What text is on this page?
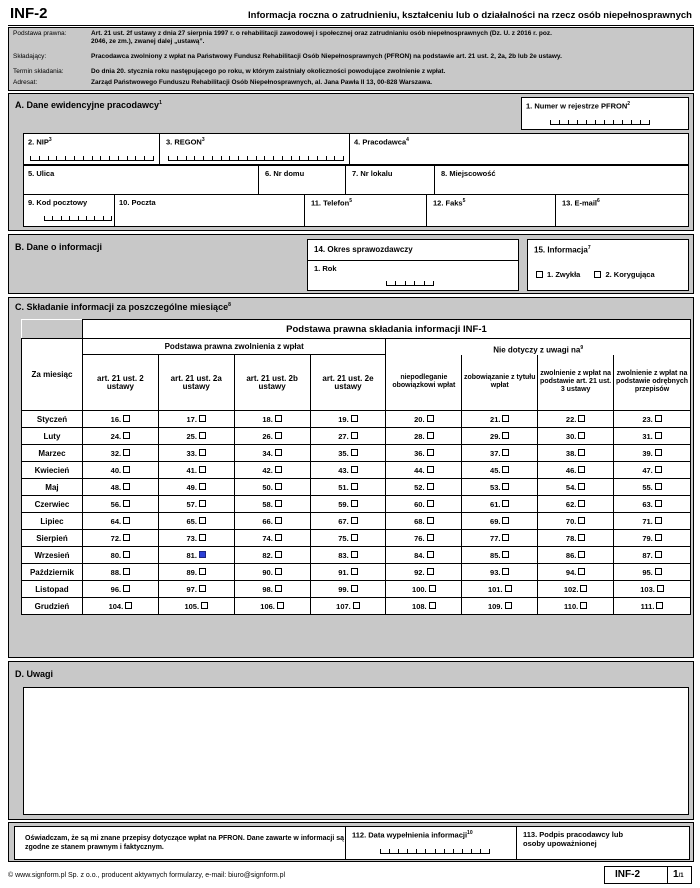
INF-2	Informacja roczna o zatrudnieniu, kształceniu lub o działalności na rzecz osób niepełnosprawnych
Podstawa prawna:	Art. 21 ust. 2f ustawy z dnia 27 sierpnia 1997 r. o rehabilitacji zawodowej i społecznej oraz zatrudnianiu osób niepełnosprawnych (Dz. U. z 2016 r. poz. 2046, ze zm.), zwanej dalej „ustawą”.
Składający:	Pracodawca zwolniony z wpłat na Państwowy Fundusz Rehabilitacji Osób Niepełnosprawnych (PFRON) na podstawie art. 21 ust. 2, 2a, 2b lub 2e ustawy.
Termin składania:	Do dnia 20. stycznia roku następującego po roku, w którym zaistniały okoliczności powodujące zwolnienie z wpłat.
Adresat:	Zarząd Państwowego Funduszu Rehabilitacji Osób Niepełnosprawnych, al. Jana Pawła II 13, 00-828 Warszawa.
A. Dane ewidencyjne pracodawcy$^1$	1. Numer w rejestrze PFRON$^2$
2. NIP$^3$	3. REGON$^3$	4. Pracodawca$^4$
5. Ulica	6. Nr domu	7. Nr lokalu	8. Miejscowość
9. Kod pocztowy	10. Poczta	11. Telefon$^5$	12. Faks$^5$	13. E-mail$^6$
B. Dane o informacji	14. Okres sprawozdawczy
1. Rok
15. Informacja$^7$
1. Zwykła	2. Korygująca
C. Składanie informacji za poszczególne miesiące$^8$
	Podstawa prawna składania informacji INF-1							
Za miesiąc	Podstawa prawna zwolnienia z wpłat				Nie dotyczy z uwagi $na^9$
	art. 21 ust. 2 ustawy	art. 21 ust. 2a ustawy	art. 21 ust. 2b ustawy	art. 21 ust. 2e ustawy	niepodleganie obowiązkowi wpłat	zobowiązanie z tytułu wpłat	zwolnienie z wpłat na podstawie art. 21 ust. 3 ustawy	zwolnienie z wpłat na podstawie odrębnych przepisów
Styczeń	16.	17.	18.	19.	20.	21.	22.	23.
Luty	24.	25.	26.	27.	28.	29.	30.	31.
Marzec	32.	33.	34.	35.	36.	37.	38.	39.
Kwiecień	40.	41.	42.	43.	44.	45.	46.	47.
Maj	48.	49.	50.	51.	52.	53.	54.	55.
Czerwiec	56.	57.	58.	59.	60.	61.	62.	63.
Lipiec	64.	65.	66.	67.	68.	69.	70.	71.
Sierpień	72.	73.	74.	75.	76.	77.	78.	79.
Wrzesień	80.	81.	82.	83.	84.	85.	86.	87.
Październik	88.	89.	90.	91.	92.	93.	94.	95.
Listopad	96.	97.	98.	99.	100.	101.	102.	103.
Grudzień	104.	105.	106.	107.	108.	109.	110.	111.
D. Uwagi
Oświadczam, że są mi znane przepisy dotyczące wpłat na PFRON. Dane zawarte w informacji są zgodne ze stanem prawnym i faktycznym.
112. Data wypełnienia informacji$^{10}$	113. Podpis pracodawcy lub osoby upoważnionej
© www.signform.pl Sp. z o.o., producent aktywnych formularzy, e-mail: biuro@signform.pl	INF-2	1/1
